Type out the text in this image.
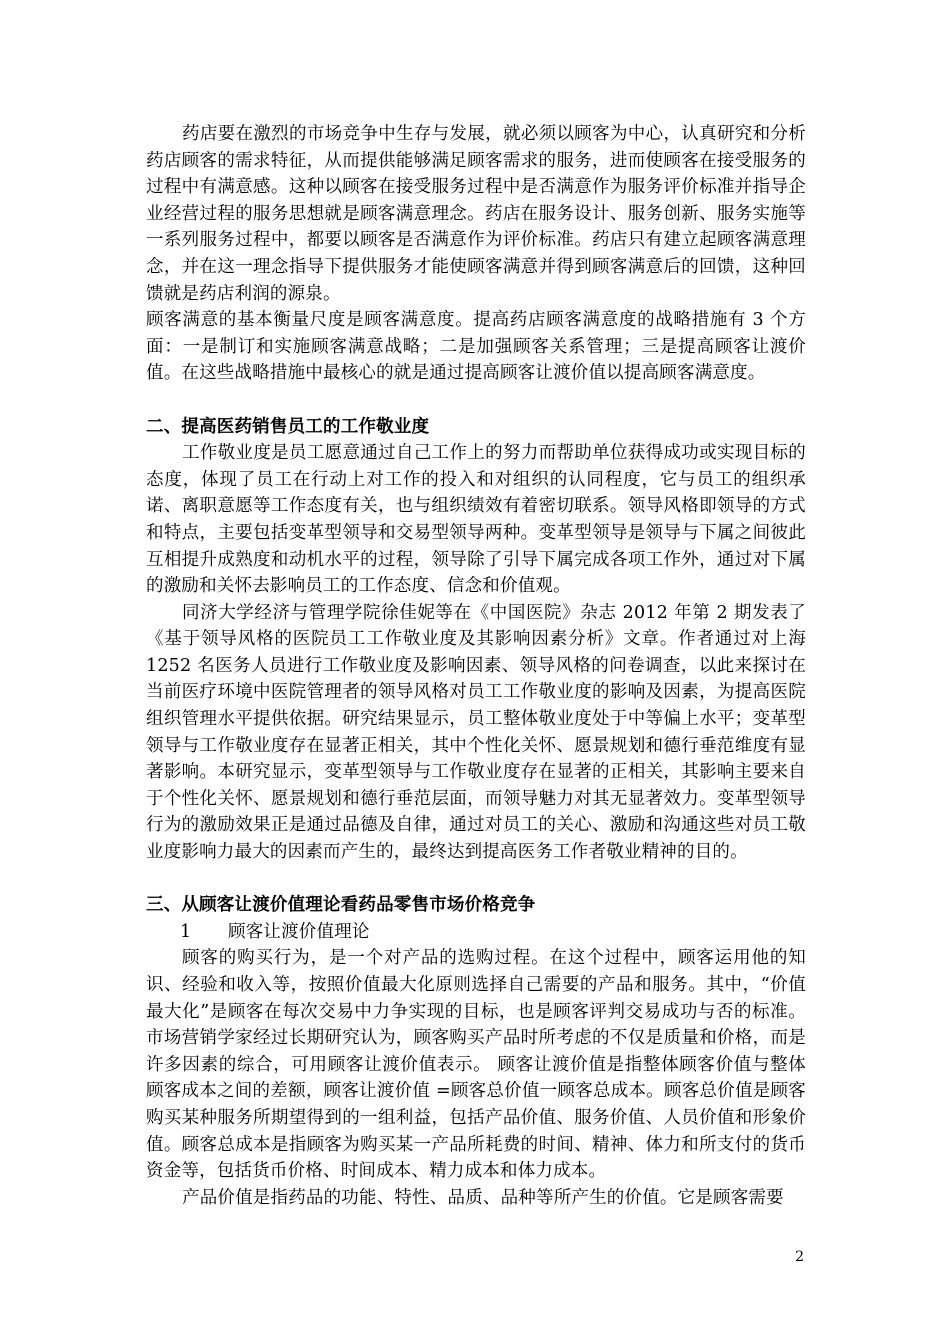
药店要在激烈的市场竞争中生存与发展，就必须以顾客为中心，认真研究和分析药店顾客的需求特征，从而提供能够满足顾客需求的服务，进而使顾客在接受服务的过程中有满意感。这种以顾客在接受服务过程中是否满意作为服务评价标准并指导企业经营过程的服务思想就是顾客满意理念。药店在服务设计、服务创新、服务实施等一系列服务过程中，都要以顾客是否满意作为评价标准。药店只有建立起顾客满意理念，并在这一理念指导下提供服务才能使顾客满意并得到顾客满意后的回馈，这种回馈就是药店利润的源泉。

顾客满意的基本衡量尺度是顾客满意度。提高药店顾客满意度的战略措施有 3 个方面：一是制订和实施顾客满意战略；二是加强顾客关系管理；三是提高顾客让渡价值。在这些战略措施中最核心的就是通过提高顾客让渡价值以提高顾客满意度。

二、提高医药销售员工的工作敬业度

工作敬业度是员工愿意通过自己工作上的努力而帮助单位获得成功或实现目标的态度，体现了员工在行动上对工作的投入和对组织的认同程度，它与员工的组织承诺、离职意愿等工作态度有关，也与组织绩效有着密切联系。领导风格即领导的方式和特点，主要包括变革型领导和交易型领导两种。变革型领导是领导与下属之间彼此互相提升成熟度和动机水平的过程，领导除了引导下属完成各项工作外，通过对下属的激励和关怀去影响员工的工作态度、信念和价值观。

同济大学经济与管理学院徐佳妮等在《中国医院》杂志 2012 年第 2 期发表了《基于领导风格的医院员工工作敬业度及其影响因素分析》文章。作者通过对上海 1252 名医务人员进行工作敬业度及影响因素、领导风格的问卷调查，以此来探讨在当前医疗环境中医院管理者的领导风格对员工工作敬业度的影响及因素，为提高医院组织管理水平提供依据。研究结果显示，员工整体敬业度处于中等偏上水平；变革型领导与工作敬业度存在显著正相关，其中个性化关怀、愿景规划和德行垂范维度有显著影响。本研究显示，变革型领导与工作敬业度存在显著的正相关，其影响主要来自于个性化关怀、愿景规划和德行垂范层面，而领导魅力对其无显著效力。变革型领导行为的激励效果正是通过品德及自律，通过对员工的关心、激励和沟通这些对员工敬业度影响力最大的因素而产生的，最终达到提高医务工作者敬业精神的目的。

三、从顾客让渡价值理论看药品零售市场价格竞争

1 顾客让渡价值理论

顾客的购买行为，是一个对产品的选购过程。在这个过程中，顾客运用他的知识、经验和收入等，按照价值最大化原则选择自己需要的产品和服务。其中，“价值最大化”是顾客在每次交易中力争实现的目标，也是顾客评判交易成功与否的标准。市场营销学家经过长期研究认为，顾客购买产品时所考虑的不仅是质量和价格，而是许多因素的综合，可用顾客让渡价值表示。 顾客让渡价值是指整体顾客价值与整体顾客成本之间的差额，顾客让渡价值 =顾客总价值一顾客总成本。顾客总价值是顾客购买某种服务所期望得到的一组利益，包括产品价值、服务价值、人员价值和形象价值。顾客总成本是指顾客为购买某一产品所耗费的时间、精神、体力和所支付的货币资金等，包括货币价格、时间成本、精力成本和体力成本。

产品价值是指药品的功能、特性、品质、品种等所产生的价值。它是顾客需要

2
